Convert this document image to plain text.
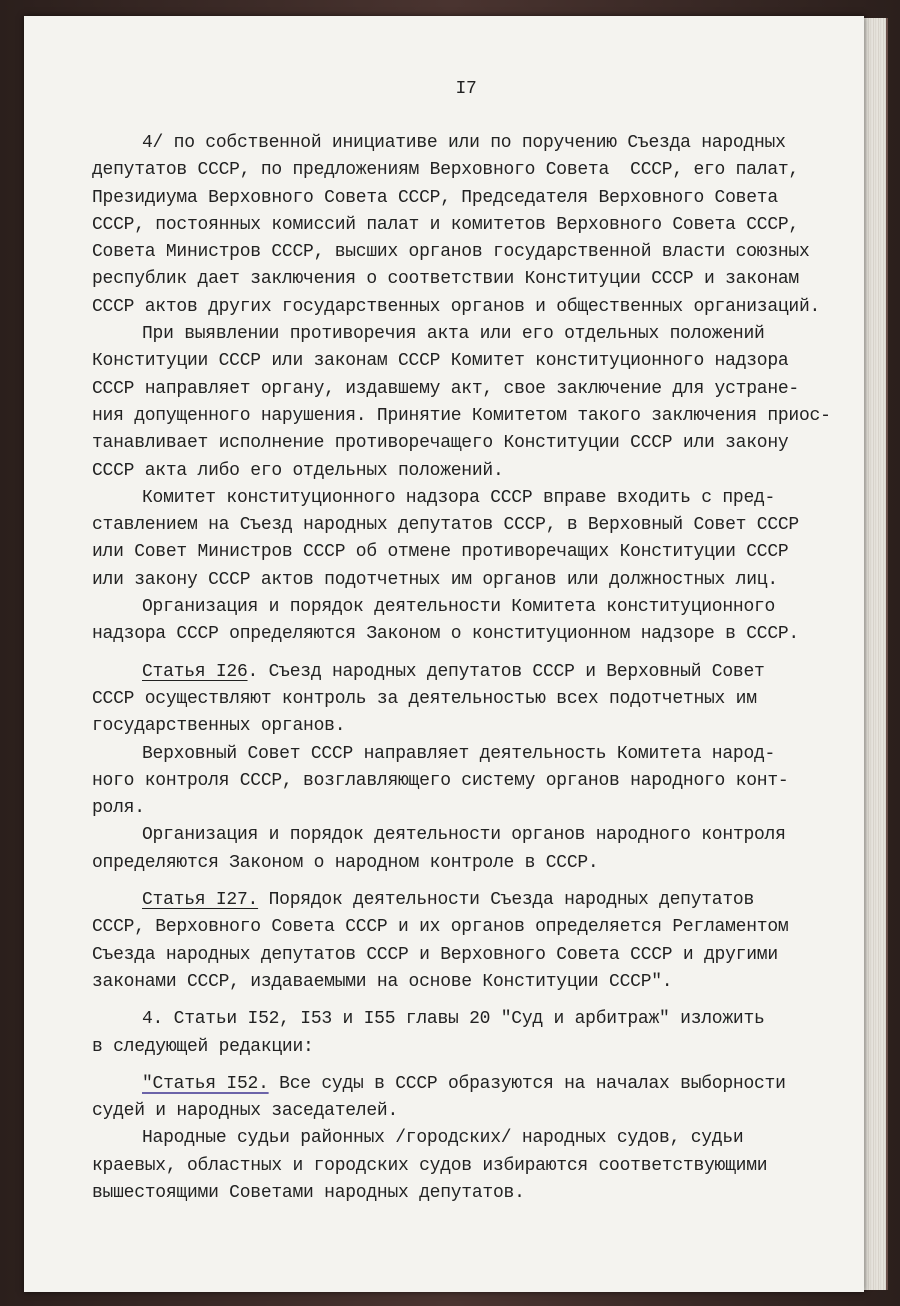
I7
4/ по собственной инициативе или по поручению Съезда народных
депутатов СССР, по предложениям Верховного Совета  СССР, его палат,
Президиума Верховного Совета СССР, Председателя Верховного Совета
СССР, постоянных комиссий палат и комитетов Верховного Совета СССР,
Совета Министров СССР, высших органов государственной власти союзных
республик дает заключения о соответствии Конституции СССР и законам
СССР актов других государственных органов и общественных организаций.
При выявлении противоречия акта или его отдельных положений
Конституции СССР или законам СССР Комитет конституционного надзора
СССР направляет органу, издавшему акт, свое заключение для устране-
ния допущенного нарушения. Принятие Комитетом такого заключения приос-
танавливает исполнение противоречащего Конституции СССР или закону
СССР акта либо его отдельных положений.
Комитет конституционного надзора СССР вправе входить с пред-
ставлением на Съезд народных депутатов СССР, в Верховный Совет СССР
или Совет Министров СССР об отмене противоречащих Конституции СССР
или закону СССР актов подотчетных им органов или должностных лиц.
Организация и порядок деятельности Комитета конституционного
надзора СССР определяются Законом о конституционном надзоре в СССР.
Статья I26. Съезд народных депутатов СССР и Верховный Совет
СССР осуществляют контроль за деятельностью всех подотчетных им
государственных органов.
Верховный Совет СССР направляет деятельность Комитета народ-
ного контроля СССР, возглавляющего систему органов народного конт-
роля.
Организация и порядок деятельности органов народного контроля
определяются Законом о народном контроле в СССР.
Статья I27. Порядок деятельности Съезда народных депутатов
СССР, Верховного Совета СССР и их органов определяется Регламентом
Съезда народных депутатов СССР и Верховного Совета СССР и другими
законами СССР, издаваемыми на основе Конституции СССР".
4. Статьи I52, I53 и I55 главы 20 "Суд и арбитраж" изложить
в следующей редакции:
"Статья I52. Все суды в СССР образуются на началах выборности
судей и народных заседателей.
Народные судьи районных /городских/ народных судов, судьи
краевых, областных и городских судов избираются соответствующими
вышестоящими Советами народных депутатов.
